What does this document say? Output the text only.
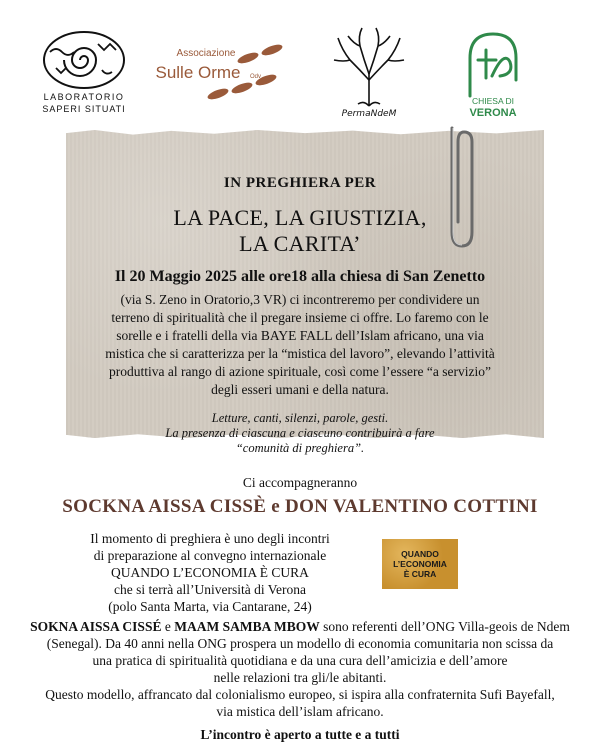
LABORATORIO
SAPERI SITUATI
Associazione
Sulle Orme Odv
PermaNdeM
CHIESA DI
VERONA

IN PREGHIERA PER

LA PACE, LA GIUSTIZIA,

LA CARITA’

Il 20 Maggio 2025 alle ore18 alla chiesa di San Zenetto

(via S. Zeno in Oratorio,3 VR) ci incontreremo per condividere un

terreno di spiritualità che il pregare insieme ci offre. Lo faremo con le

sorelle e i fratelli della via BAYE FALL dell’Islam africano, una via

mistica che si caratterizza per la “mistica del lavoro”, elevando l’attività

produttiva al rango di azione spirituale, così come l’essere “a servizio”

degli esseri umani e della natura.

Letture, canti, silenzi, parole, gesti.

La presenza di ciascuna e ciascuno contribuirà a fare

“comunità di preghiera”.

Ci accompagneranno

SOCKNA AISSA CISSÈ e DON VALENTINO COTTINI

Il momento di preghiera è uno degli incontri

di preparazione al convegno internazionale

QUANDO L’ECONOMIA È CURA

che si terrà all’Università di Verona

(polo Santa Marta, via Cantarane, 24)

QUANDO
L’ECONOMIA
È CURA

SOKNA AISSA CISSÉ e MAAM SAMBA MBOW sono referenti dell’ONG Villa-geois de Ndem

(Senegal). Da 40 anni nella ONG prospera un modello di economia comunitaria non scissa da

una pratica di spiritualità quotidiana e da una cura dell’amicizia e dell’amore

nelle relazioni tra gli/le abitanti.

Questo modello, affrancato dal colonialismo europeo, si ispira alla confraternita Sufi Bayefall,

via mistica dell’islam africano.

L’incontro è aperto a tutte e a tutti
